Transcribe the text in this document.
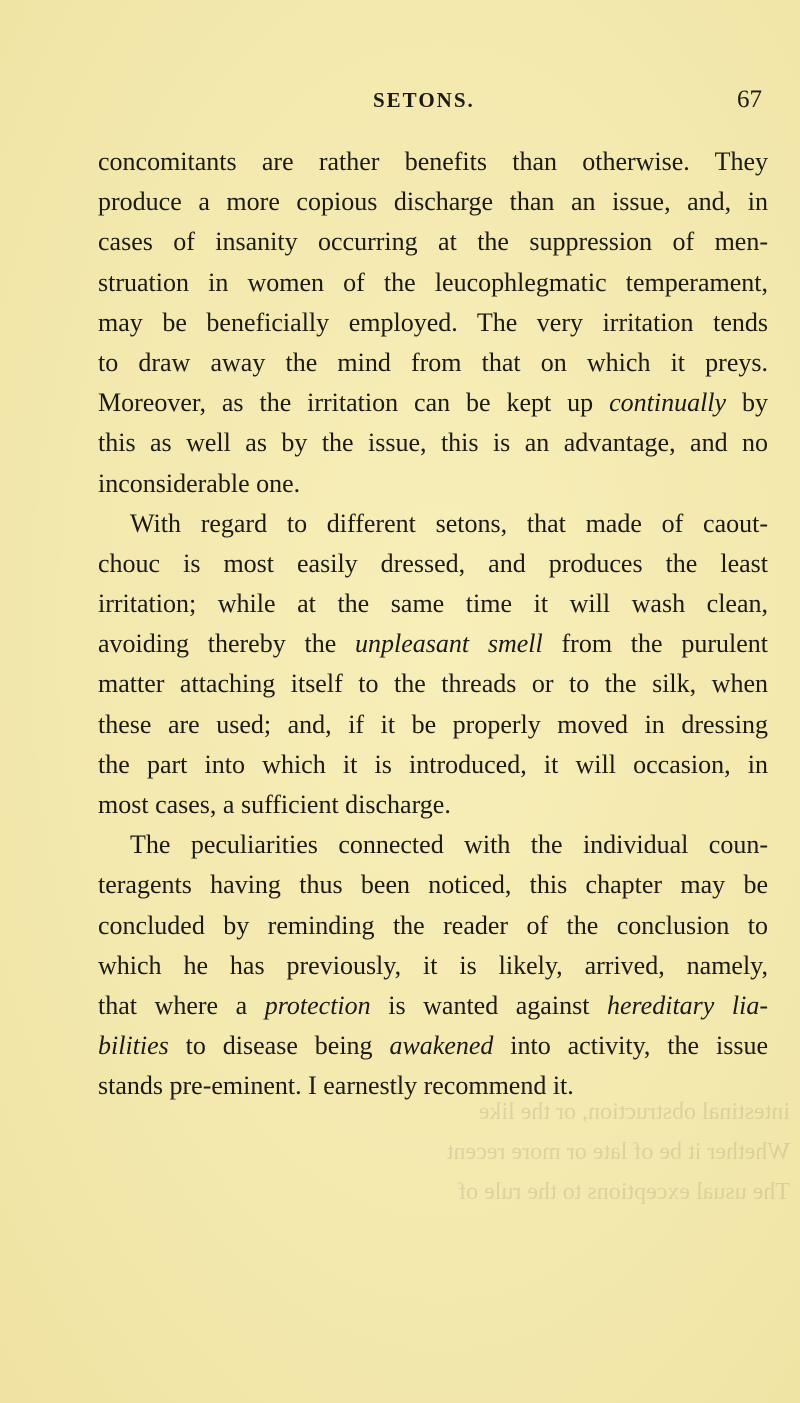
SETONS.	67
concomitants are rather benefits than otherwise. They
produce a more copious discharge than an issue, and, in
cases of insanity occurring at the suppression of men-
struation in women of the leucophlegmatic temperament,
may be beneficially employed. The very irritation tends
to draw away the mind from that on which it preys.
Moreover, as the irritation can be kept up continually by
this as well as by the issue, this is an advantage, and no
inconsiderable one.
With regard to different setons, that made of caout-
chouc is most easily dressed, and produces the least
irritation; while at the same time it will wash clean,
avoiding thereby the unpleasant smell from the purulent
matter attaching itself to the threads or to the silk, when
these are used; and, if it be properly moved in dressing
the part into which it is introduced, it will occasion, in
most cases, a sufficient discharge.
The peculiarities connected with the individual coun-
teragents having thus been noticed, this chapter may be
concluded by reminding the reader of the conclusion to
which he has previously, it is likely, arrived, namely,
that where a protection is wanted against hereditary lia-
bilities to disease being awakened into activity, the issue
stands pre-eminent. I earnestly recommend it.
intestinal obstruction, or the like
Whether it be of late or more recent
The usual exceptions to the rule of
